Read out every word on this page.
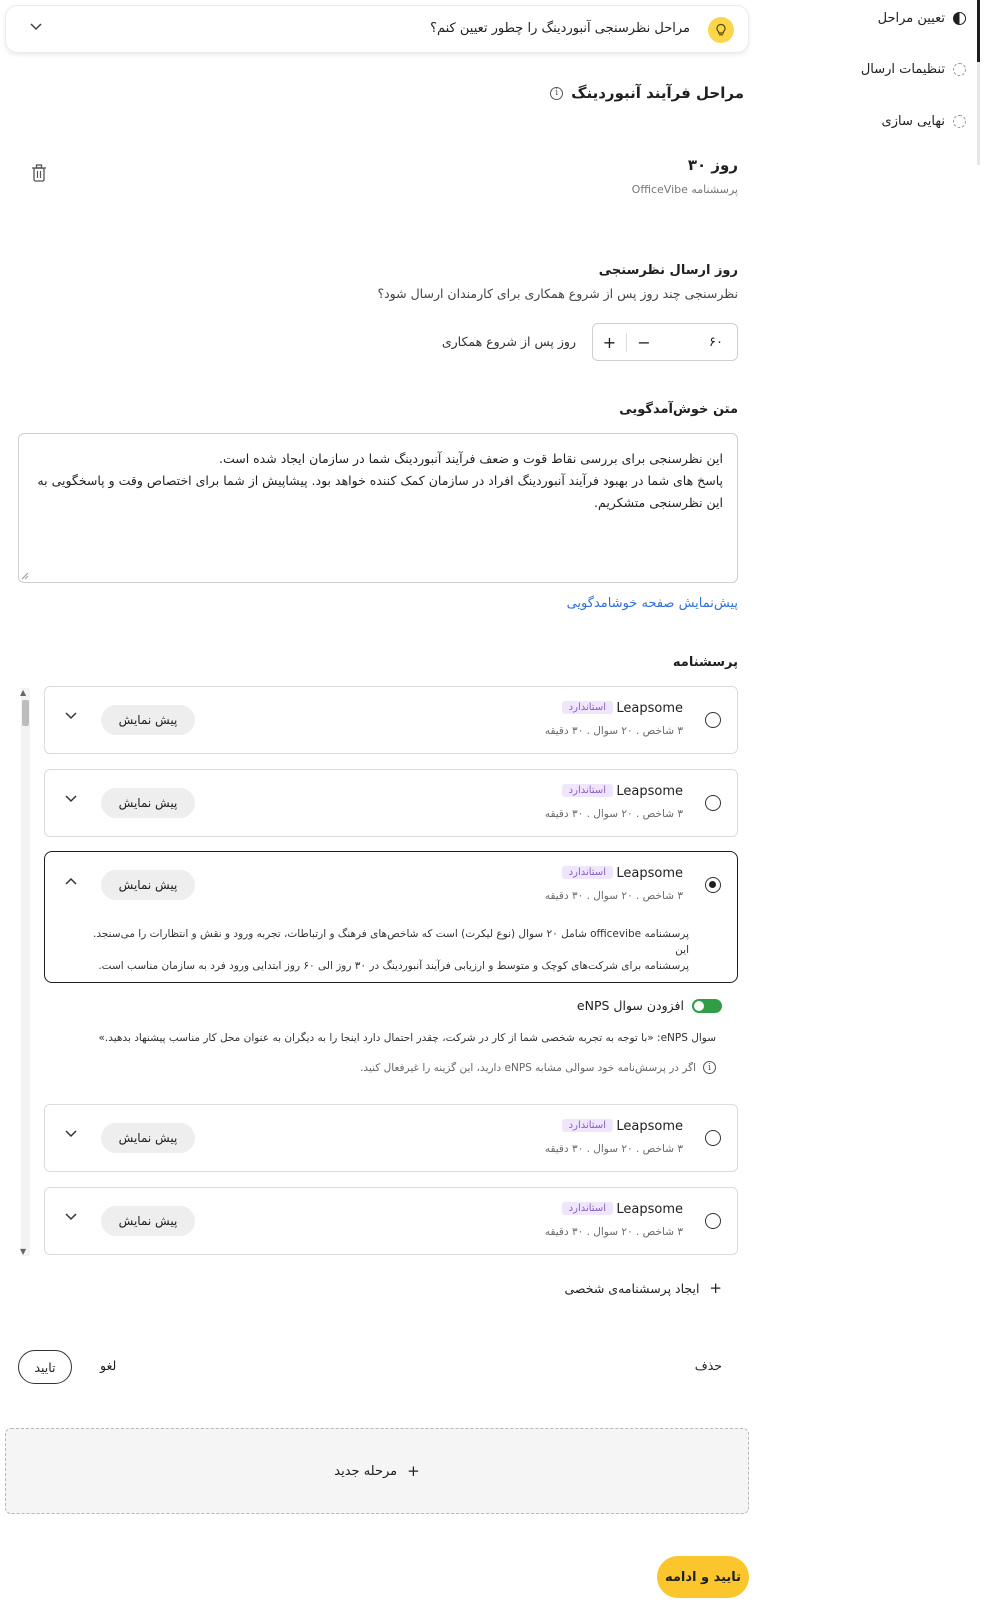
تعیین مراحل
تنظیمات ارسال
نهایی سازی
مراحل نظرسنجی آنبوردینگ را چطور تعیین کنم؟
مراحل فرآیند آنبوردینگ
i
روز ۳۰
پرسشنامه OfficeVibe
روز ارسال نظرسنجی
نظرسنجی چند روز پس از شروع همکاری برای کارمندان ارسال شود؟
+	−	۶۰
روز پس از شروع همکاری
متن خوش‌آمدگویی
این نظرسنجی برای بررسی نقاط قوت و ضعف فرآیند آنبوردینگ شما در سازمان ایجاد شده است.
پاسخ های شما در بهبود فرآیند آنبوردینگ افراد در سازمان کمک کننده خواهد بود. پیشاپیش از شما برای اختصاص وقت و پاسخگویی به
این نظرسنجی متشکریم.
پیش‌نمایش صفحه خوشامدگویی
پرسشنامه
▲
▼
Leapsome
استاندارد
۳ شاخص . ۲۰ سوال . ۳۰ دقیقه
پیش نمایش
Leapsome
استاندارد
۳ شاخص . ۲۰ سوال . ۳۰ دقیقه
پیش نمایش
Leapsome
استاندارد
۳ شاخص . ۲۰ سوال . ۳۰ دقیقه
پیش نمایش
پرسشنامه officevibe شامل ۲۰ سوال (نوع لیکرت) است که شاخص‌های فرهنگ و ارتباطات، تجربه ورود و نقش و انتظارات را می‌سنجد. این
پرسشنامه برای شرکت‌های کوچک و متوسط و ارزیابی فرآیند آنبوردینگ در ۳۰ روز الی ۶۰ روز ابتدایی ورود فرد به سازمان مناسب است.
افزودن سوال eNPS
سوال eNPS: «با توجه به تجربه شخصی شما از کار در شرکت، چقدر احتمال دارد اینجا را به دیگران به عنوان محل کار مناسب پیشنهاد بدهید.»
i
اگر در پرسش‌نامه خود سوالی مشابه eNPS دارید، این گزینه را غیرفعال کنید.
Leapsome
استاندارد
۳ شاخص . ۲۰ سوال . ۳۰ دقیقه
پیش نمایش
Leapsome
استاندارد
۳ شاخص . ۲۰ سوال . ۳۰ دقیقه
پیش نمایش
+
ایجاد پرسشنامه‌ی شخصی
حذف
لغو
تایید
+
مرحله جدید
تایید و ادامه
